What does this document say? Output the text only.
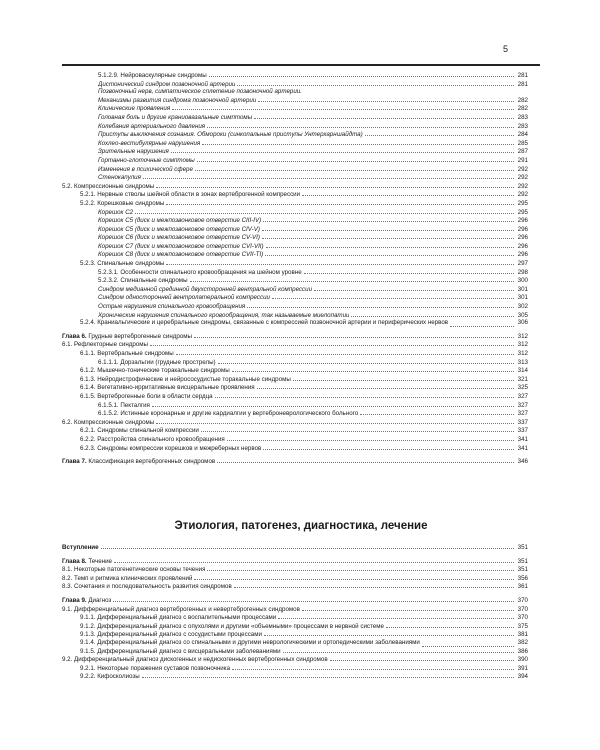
5
5.1.2.9. Нейроваскулярные синдромы	281
Дистонический синдром позвоночной артерии	281
Позвоночный нерв, симпатическое сплетение позвоночной артерии.
Механизмы развития синдрома позвоночной артерии	282
Клинические проявления	282
Головная боль и другие краниовазальные симптомы	283
Колебания артериального давления	283
Приступы выключения сознания. Обмороки (синкопальные приступы Унтерхарншайдта)	284
Кохлео-вестибулярные нарушения	285
Зрительные нарушения	287
Гортанно-глоточные симптомы	291
Изменения в психической сфере	292
Стенокапулия	292
5.2. Компрессионные синдромы	292
5.2.1. Нервные стволы шейной области в зонах вертеброгенной компрессии	292
5.2.2. Корешковые синдромы	295
Корешок C2	295
Корешок C5 (диск и межпозвонковое отверстие CIII-IV)	296
Корешок C5 (диск и межпозвонковое отверстие CIV-V)	296
Корешок C6 (диск и межпозвонковое отверстие CV-VI)	296
Корешок C7 (диск и межпозвонковое отверстие CVI-VII)	296
Корешок C8 (диск и межпозвонковое отверстие CVII-TI)	296
5.2.3. Спинальные синдромы	297
5.2.3.1. Особенности спинального кровообращения на шейном уровне	298
5.2.3.2. Спинальные синдромы	300
Синдром медианной срединной двухсторонней вентральной компрессии	301
Синдром односторонней вентролатеральной компрессии	301
Острые нарушения спинального кровообращения	302
Хронические нарушения спинального кровообращения, так называемые миелопатии	305
5.2.4. Краниальгические и церебральные синдромы, связанные с компрессией позвоночной артерии и периферических нервов	306
Глава 6. Грудные вертеброгенные синдромы	312
6.1. Рефлекторные синдромы	312
6.1.1. Вертебральные синдромы	312
6.1.1.1. Дорзальгии (грудные прострелы)	313
6.1.2. Мышечно-тонические торакальные синдромы	314
6.1.3. Нейродистрофические и нейрососудистые торакальные синдромы	321
6.1.4. Вегетативно-ирритативные висцеральные проявления	325
6.1.5. Вертеброгенные боли в области сердца	327
6.1.5.1. Пекталгия	327
6.1.5.2. Истинные коронарные и другие кардиалгии у вертеброневрологического больного	327
6.2. Компрессионные синдромы	337
6.2.1. Синдромы спинальной компрессии	337
6.2.2. Расстройства спинального кровообращения	341
6.2.3. Синдромы компрессии корешков и межреберных нервов	341
Глава 7. Классификация вертеброгенных синдромов	346
Этиология, патогенез, диагностика, лечение
Вступление	351
Глава 8. Течение	351
8.1. Некоторые патогенетические основы течения	351
8.2. Темп и ритмика клинических проявлений	356
8.3. Сочетания и последовательность развития синдромов	361
Глава 9. Диагноз	370
9.1. Дифференциальный диагноз вертеброгенных и невертеброгенных синдромов	370
9.1.1. Дифференциальный диагноз с воспалительными процессами	370
9.1.2. Дифференциальный диагноз с опухолями и другими «объемными» процессами в нервной системе	375
9.1.3. Дифференциальный диагноз с сосудистыми процессами	381
9.1.4. Дифференциальный диагноз со спинальными и другими неврологическими и ортопедическими заболеваниями	382
9.1.5. Дифференциальный диагноз с висцеральными заболеваниями	386
9.2. Дифференциальный диагноз дискогенных и недискогенных вертеброгенных синдромов	390
9.2.1. Некоторые поражения суставов позвоночника	391
9.2.2. Кифосколиозы	394
